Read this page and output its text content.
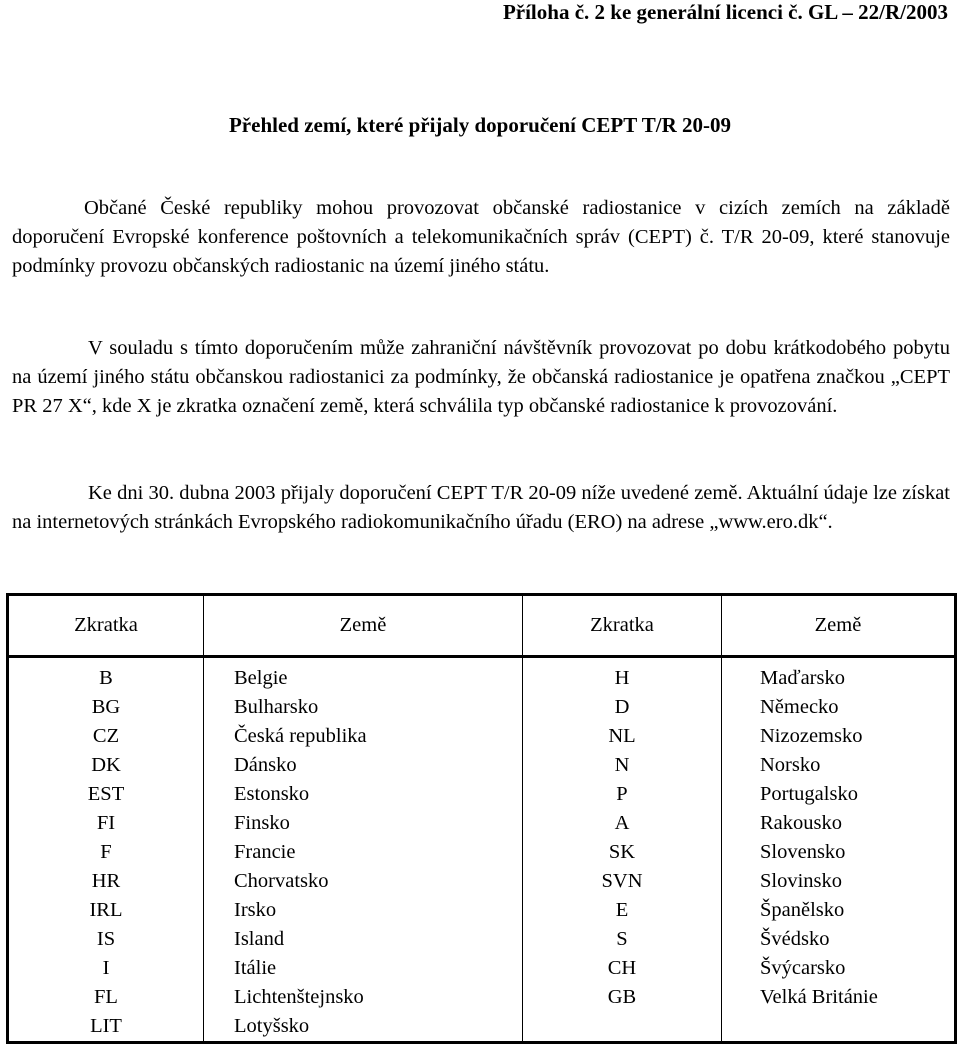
Příloha č. 2 ke generální licenci č. GL – 22/R/2003
Přehled zemí, které přijaly doporučení CEPT T/R 20-09
Občané České republiky mohou provozovat občanské radiostanice v cizích zemích na základě doporučení Evropské konference poštovních a telekomunikačních správ (CEPT) č. T/R 20-09, které stanovuje podmínky provozu občanských radiostanic na území jiného státu.
V souladu s tímto doporučením může zahraniční návštěvník provozovat po dobu krátkodobého pobytu na území jiného státu občanskou radiostanici za podmínky, že občanská radiostanice je opatřena značkou „CEPT PR 27 X“, kde X je zkratka označení země, která schválila typ občanské radiostanice k provozování.
Ke dni 30. dubna 2003 přijaly doporučení CEPT T/R 20-09 níže uvedené země. Aktuální údaje lze získat na internetových stránkách Evropského radiokomunikačního úřadu (ERO) na adrese „www.ero.dk“.
Zkratka	Země	Zkratka	Země

B	Belgie	H	Maďarsko
BG	Bulharsko	D	Německo
CZ	Česká republika	NL	Nizozemsko
DK	Dánsko	N	Norsko
EST	Estonsko	P	Portugalsko
FI	Finsko	A	Rakousko
F	Francie	SK	Slovensko
HR	Chorvatsko	SVN	Slovinsko
IRL	Irsko	E	Španělsko
IS	Island	S	Švédsko
I	Itálie	CH	Švýcarsko
FL	Lichtenštejnsko	GB	Velká Británie
LIT	Lotyšsko		
